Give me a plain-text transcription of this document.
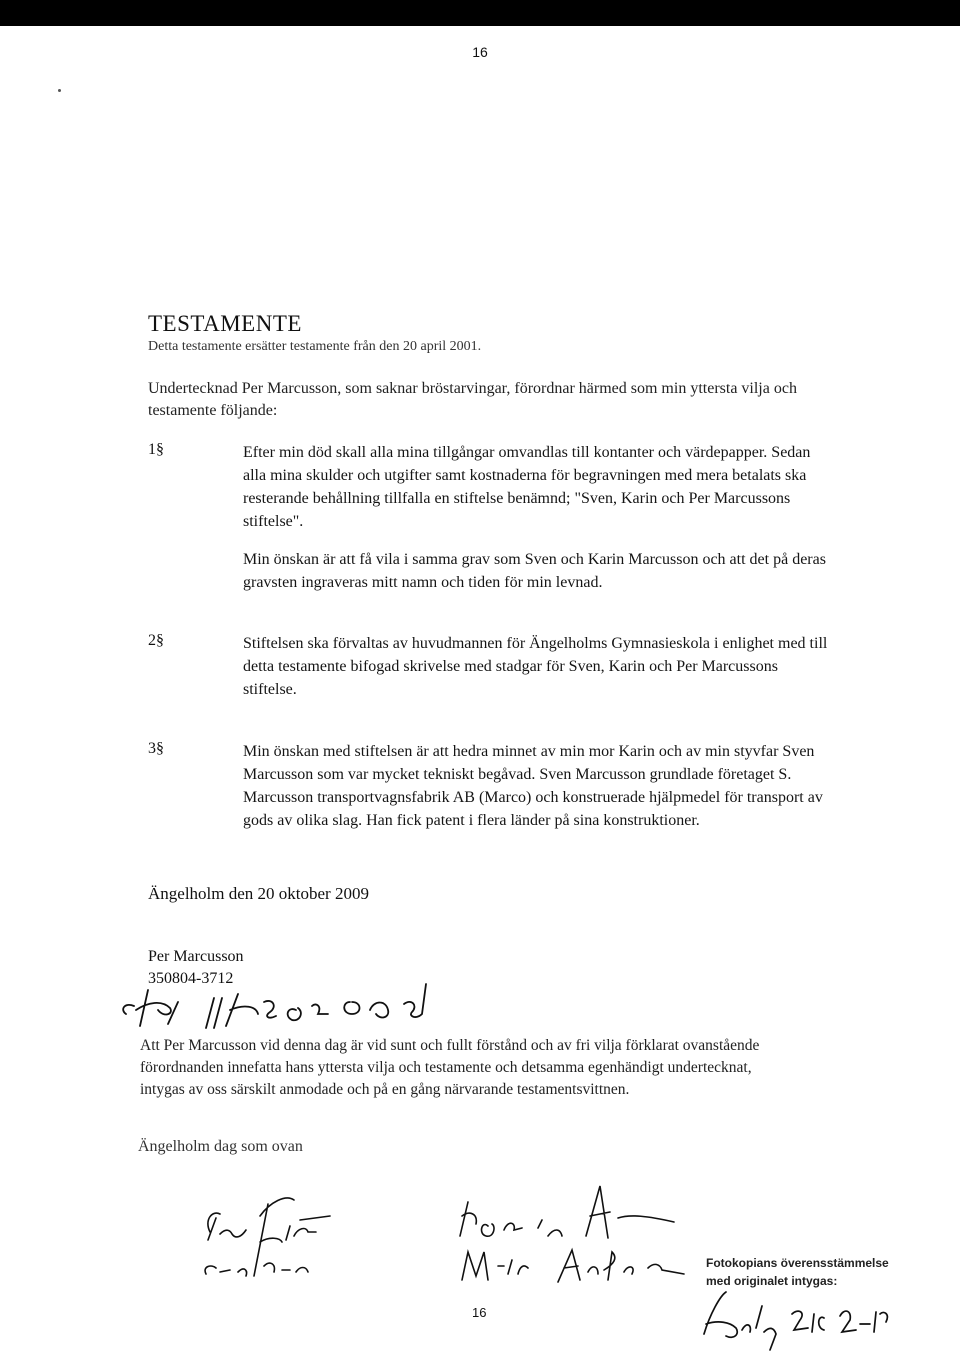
16
TESTAMENTE
Detta testamente ersätter testamente från den 20 april 2001.
Undertecknad Per Marcusson, som saknar bröstarvingar, förordnar härmed som min yttersta vilja och testamente följande:
1§	Efter min död skall alla mina tillgångar omvandlas till kontanter och värdepapper. Sedan alla mina skulder och utgifter samt kostnaderna för begravningen med mera betalats ska resterande behållning tillfalla en stiftelse benämnd; "Sven, Karin och Per Marcussons stiftelse".
Min önskan är att få vila i samma grav som Sven och Karin Marcusson och att det på deras gravsten ingraveras mitt namn och tiden för min levnad.
2§	Stiftelsen ska förvaltas av huvudmannen för Ängelholms Gymnasieskola i enlighet med till detta testamente bifogad skrivelse med stadgar för Sven, Karin och Per Marcussons stiftelse.
3§	Min önskan med stiftelsen är att hedra minnet av min mor Karin och av min styvfar Sven Marcusson som var mycket tekniskt begåvad. Sven Marcusson grundlade företaget S. Marcusson transportvagnsfabrik AB (Marco) och konstruerade hjälpmedel för transport av gods av olika slag. Han fick patent i flera länder på sina konstruktioner.
Ängelholm den 20 oktober 2009
Per Marcusson
350804-3712
Att Per Marcusson vid denna dag är vid sunt och fullt förstånd och av fri vilja förklarat ovanstående förordnanden innefatta hans yttersta vilja och testamente och detsamma egenhändigt undertecknat, intygas av oss särskilt anmodade och på en gång närvarande testamentsvittnen.
Ängelholm dag som ovan
16
Fotokopians överensstämmelse
med originalet intygas:
